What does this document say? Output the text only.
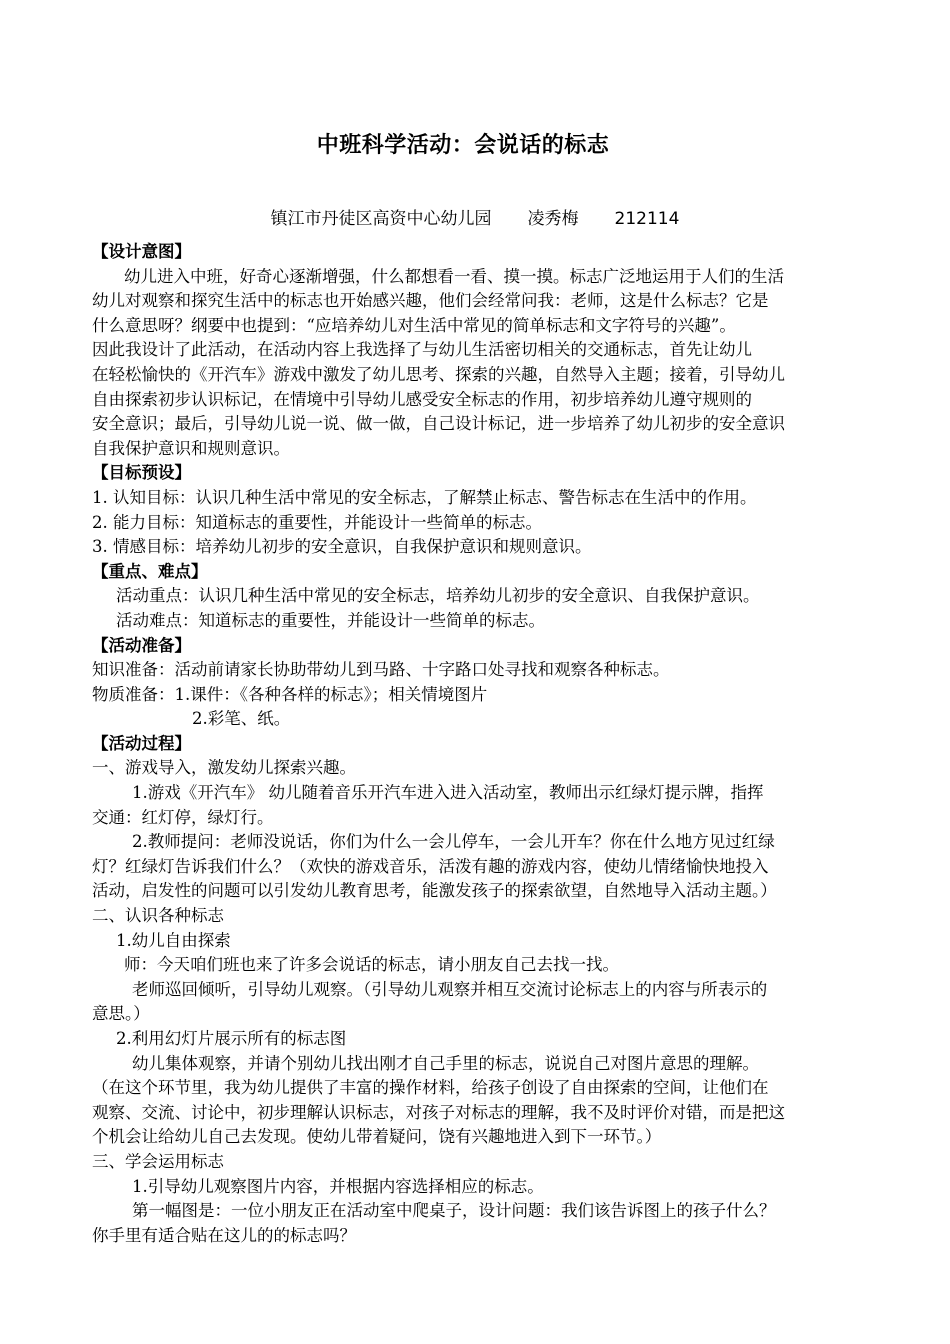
中班科学活动：会说话的标志
镇江市丹徒区高资中心幼儿园 凌秀梅 212114
【设计意图】
幼儿进入中班，好奇心逐渐增强，什么都想看一看、摸一摸。标志广泛地运用于人们的生活
幼儿对观察和探究生活中的标志也开始感兴趣，他们会经常问我：老师，这是什么标志？它是
什么意思呀？纲要中也提到：“应培养幼儿对生活中常见的简单标志和文字符号的兴趣”。
因此我设计了此活动，在活动内容上我选择了与幼儿生活密切相关的交通标志，首先让幼儿
在轻松愉快的《开汽车》游戏中激发了幼儿思考、探索的兴趣，自然导入主题；接着，引导幼儿
自由探索初步认识标记，在情境中引导幼儿感受安全标志的作用，初步培养幼儿遵守规则的
安全意识；最后，引导幼儿说一说、做一做，自己设计标记，进一步培养了幼儿初步的安全意识
自我保护意识和规则意识。
【目标预设】
1. 认知目标：认识几种生活中常见的安全标志，了解禁止标志、警告标志在生活中的作用。
2. 能力目标：知道标志的重要性，并能设计一些简单的标志。
3. 情感目标：培养幼儿初步的安全意识，自我保护意识和规则意识。
【重点、难点】
活动重点：认识几种生活中常见的安全标志，培养幼儿初步的安全意识、自我保护意识。
活动难点：知道标志的重要性，并能设计一些简单的标志。
【活动准备】
知识准备：活动前请家长协助带幼儿到马路、十字路口处寻找和观察各种标志。
物质准备：1.课件：《各种各样的标志》；相关情境图片
2.彩笔、纸。
【活动过程】
一、游戏导入，激发幼儿探索兴趣。
1.游戏《开汽车》 幼儿随着音乐开汽车进入进入活动室，教师出示红绿灯提示牌，指挥
交通：红灯停，绿灯行。
2.教师提问：老师没说话，你们为什么一会儿停车，一会儿开车？你在什么地方见过红绿
灯？红绿灯告诉我们什么？（欢快的游戏音乐，活泼有趣的游戏内容，使幼儿情绪愉快地投入
活动，启发性的问题可以引发幼儿教育思考，能激发孩子的探索欲望，自然地导入活动主题。）
二、认识各种标志
1.幼儿自由探索
师：今天咱们班也来了许多会说话的标志，请小朋友自己去找一找。
老师巡回倾听，引导幼儿观察。（引导幼儿观察并相互交流讨论标志上的内容与所表示的
意思。）
2.利用幻灯片展示所有的标志图
幼儿集体观察，并请个别幼儿找出刚才自己手里的标志，说说自己对图片意思的理解。
（在这个环节里，我为幼儿提供了丰富的操作材料，给孩子创设了自由探索的空间，让他们在
观察、交流、讨论中，初步理解认识标志，对孩子对标志的理解，我不及时评价对错，而是把这
个机会让给幼儿自己去发现。使幼儿带着疑问，饶有兴趣地进入到下一环节。）
三、学会运用标志
1.引导幼儿观察图片内容，并根据内容选择相应的标志。
第一幅图是：一位小朋友正在活动室中爬桌子，设计问题：我们该告诉图上的孩子什么？
你手里有适合贴在这儿的的标志吗？
